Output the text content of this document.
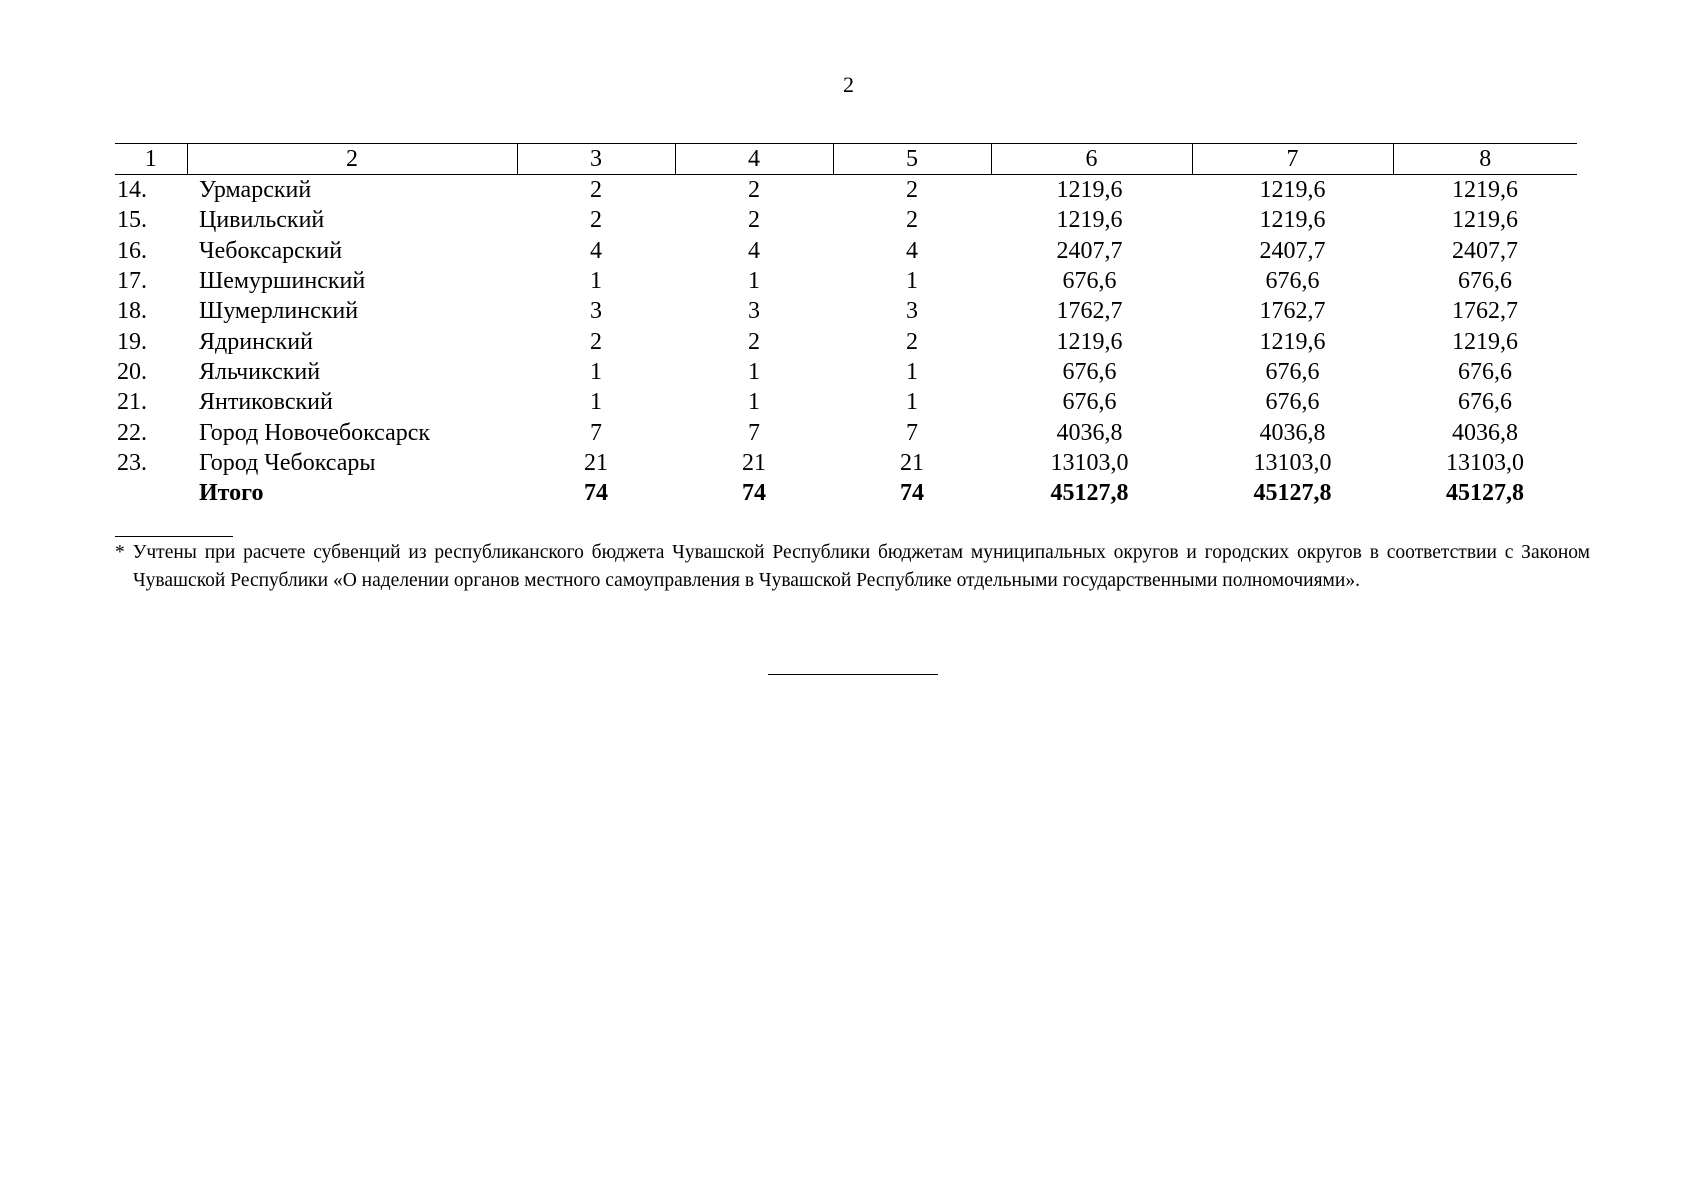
2
1	2	3	4	5	6	7	8
14.	Урмарский	2	2	2	1219,6	1219,6	1219,6
15.	Цивильский	2	2	2	1219,6	1219,6	1219,6
16.	Чебоксарский	4	4	4	2407,7	2407,7	2407,7
17.	Шемуршинский	1	1	1	676,6	676,6	676,6
18.	Шумерлинский	3	3	3	1762,7	1762,7	1762,7
19.	Ядринский	2	2	2	1219,6	1219,6	1219,6
20.	Яльчикский	1	1	1	676,6	676,6	676,6
21.	Янтиковский	1	1	1	676,6	676,6	676,6
22.	Город Новочебоксарск	7	7	7	4036,8	4036,8	4036,8
23.	Город Чебоксары	21	21	21	13103,0	13103,0	13103,0
	Итого	74	74	74	45127,8	45127,8	45127,8
* Учтены при расчете субвенций из республиканского бюджета Чувашской Республики бюджетам муниципальных округов и городских округов в соответствии с Законом Чувашской Республики «О наделении органов местного самоуправления в Чувашской Республике отдельными государственными полномочиями».
